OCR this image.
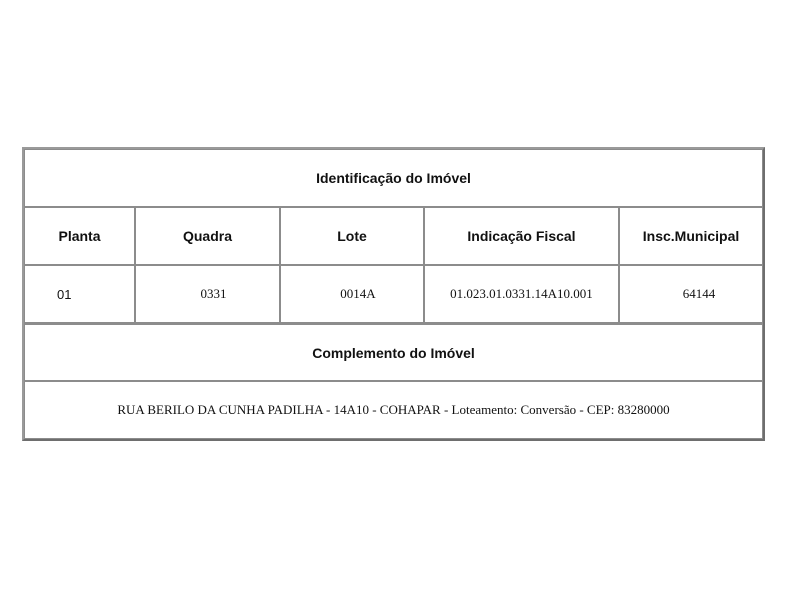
Identificação do Imóvel				
Planta	Quadra	Lote	Indicação Fiscal	Insc.Municipal
01	0331	0014A	01.023.01.0331.14A10.001	64144
Complemento do Imóvel				
RUA BERILO DA CUNHA PADILHA - 14A10 - COHAPAR - Loteamento: Conversão - CEP: 83280000				
